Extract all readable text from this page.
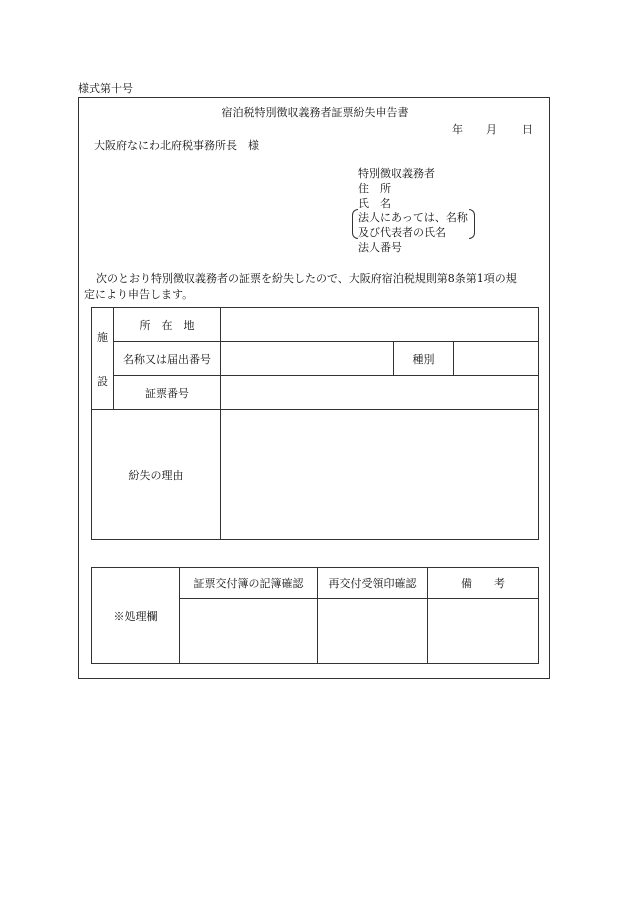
様式第十号
宿泊税特別徴収義務者証票紛失申告書
年 月 日
大阪府なにわ北府税事務所長　様
特別徴収義務者
住　所
氏　名
法人にあっては、名称
及び代表者の氏名
法人番号
次のとおり特別徴収義務者の証票を紛失したので、大阪府宿泊税規則第8条第1項の規
定により申告します。
施
設	所　在　地			
	名称又は届出番号		種別	
	証票番号			
紛失の理由				
※処理欄	証票交付簿の記簿確認	再交付受領印確認	備　　考
